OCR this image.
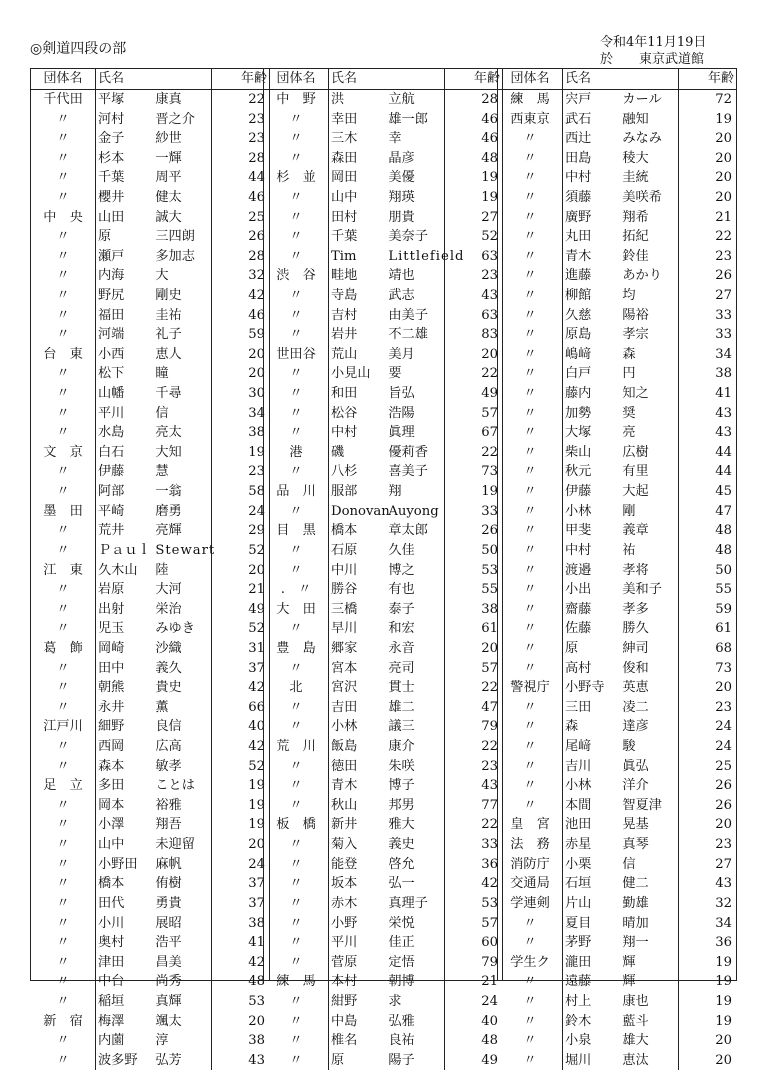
◎剣道四段の部	令和4年11月19日
於　　東京武道館
団体名	氏名		年齢
千代田	平塚	康真	22
〃	河村	晋之介	23
〃	金子	紗世	23
〃	杉本	一輝	28
〃	千葉	周平	44
〃	櫻井	健太	46
中　央	山田	誠大	25
〃	原	三四朗	26
〃	瀬戸	多加志	28
〃	内海	大	32
〃	野尻	剛史	42
〃	福田	圭祐	46
〃	河端	礼子	59
台　東	小西	恵人	20
〃	松下	瞳	20
〃	山幡	千尋	30
〃	平川	信	34
〃	水島	亮太	38
文　京	白石	大知	19
〃	伊藤	慧	23
〃	阿部	一翁	58
墨　田	平崎	磨勇	24
〃	荒井	亮輝	29
〃	Ｐａｕｌ	Stewart	52
江　東	久木山	陸	20
〃	岩原	大河	21
〃	出射	栄治	49
〃	児玉	みゆき	52
葛　飾	岡崎	沙織	31
〃	田中	義久	37
〃	朝熊	貴史	42
〃	永井	薫	66
江戸川	細野	良信	40
〃	西岡	広高	42
〃	森本	敏孝	52
足　立	多田	ことは	19
〃	岡本	裕雅	19
〃	小澤	翔吾	19
〃	山中	未迎留	20
〃	小野田	麻帆	24
〃	橋本	侑樹	37
〃	田代	勇貴	37
〃	小川	展昭	38
〃	奥村	浩平	41
〃	津田	昌美	42
〃	中台	尚秀	48
〃	稲垣	真輝	53
新　宿	梅澤	颯太	20
〃	内薗	淳	38
〃	波多野	弘芳	43
団体名	氏名		年齢
中　野	洪	立航	28
〃	幸田	雄一郎	46
〃	三木	幸	46
〃	森田	晶彦	48
杉　並	岡田	美優	19
〃	山中	翔瑛	19
〃	田村	朋貴	27
〃	千葉	美奈子	52
〃	Tim	Littlefield	63
渋　谷	畦地	靖也	23
〃	寺島	武志	43
〃	吉村	由美子	63
〃	岩井	不二雄	83
世田谷	荒山	美月	20
〃	小見山	要	22
〃	和田	旨弘	49
〃	松谷	浩陽	57
〃	中村	眞理	67
港	磯	優莉香	22
〃	八杉	喜美子	73
品　川	服部	翔	19
〃	Donovan	Auyong	33
目　黒	橋本	章太郎	26
〃	石原	久佳	50
〃	中川	博之	53
.　〃	勝谷	有也	55
大　田	三橋	泰子	38
〃	早川	和宏	61
豊　島	郷家	永音	20
〃	宮本	亮司	57
北	宮沢	貫士	22
〃	吉田	雄二	47
〃	小林	議三	79
荒　川	飯島	康介	22
〃	徳田	朱咲	23
〃	青木	博子	43
〃	秋山	邦男	77
板　橋	新井	雅大	22
〃	菊入	義史	33
〃	能登	啓允	36
〃	坂本	弘一	42
〃	赤木	真理子	53
〃	小野	栄悦	57
〃	平川	佳正	60
〃	菅原	定悟	79
練　馬	本村	朝博	21
〃	紺野	求	24
〃	中島	弘雅	40
〃	椎名	良祐	48
〃	原	陽子	49
団体名	氏名		年齢
練　馬	宍戸	カール	72
西東京	武石	融知	19
〃	西辻	みなみ	20
〃	田島	稜大	20
〃	中村	圭統	20
〃	須藤	美咲希	20
〃	廣野	翔希	21
〃	丸田	拓紀	22
〃	青木	鈴佳	23
〃	進藤	あかり	26
〃	柳館	均	27
〃	久慈	陽裕	33
〃	原島	孝宗	33
〃	嶋﨑	森	34
〃	白戸	円	38
〃	藤内	知之	41
〃	加勢	奨	43
〃	大塚	亮	43
〃	柴山	広樹	44
〃	秋元	有里	44
〃	伊藤	大起	45
〃	小林	剛	47
〃	甲斐	義章	48
〃	中村	祐	48
〃	渡邉	孝将	50
〃	小出	美和子	55
〃	齋藤	孝多	59
〃	佐藤	勝久	61
〃	原	紳司	68
〃	高村	俊和	73
警視庁	小野寺	英恵	20
〃	三田	凌二	23
〃	森	達彦	24
〃	尾﨑	駿	24
〃	吉川	眞弘	25
〃	小林	洋介	26
〃	本間	智夏津	26
皇　宮	池田	晃基	20
法　務	赤星	真琴	23
消防庁	小栗	信	27
交通局	石垣	健二	43
学連剣	片山	勤雄	32
〃	夏目	晴加	34
〃	茅野	翔一	36
学生ク	瀧田	輝	19
〃	遠藤	輝	19
〃	村上	康也	19
〃	鈴木	藍斗	19
〃	小泉	雄大	20
〃	堀川	恵汰	20
